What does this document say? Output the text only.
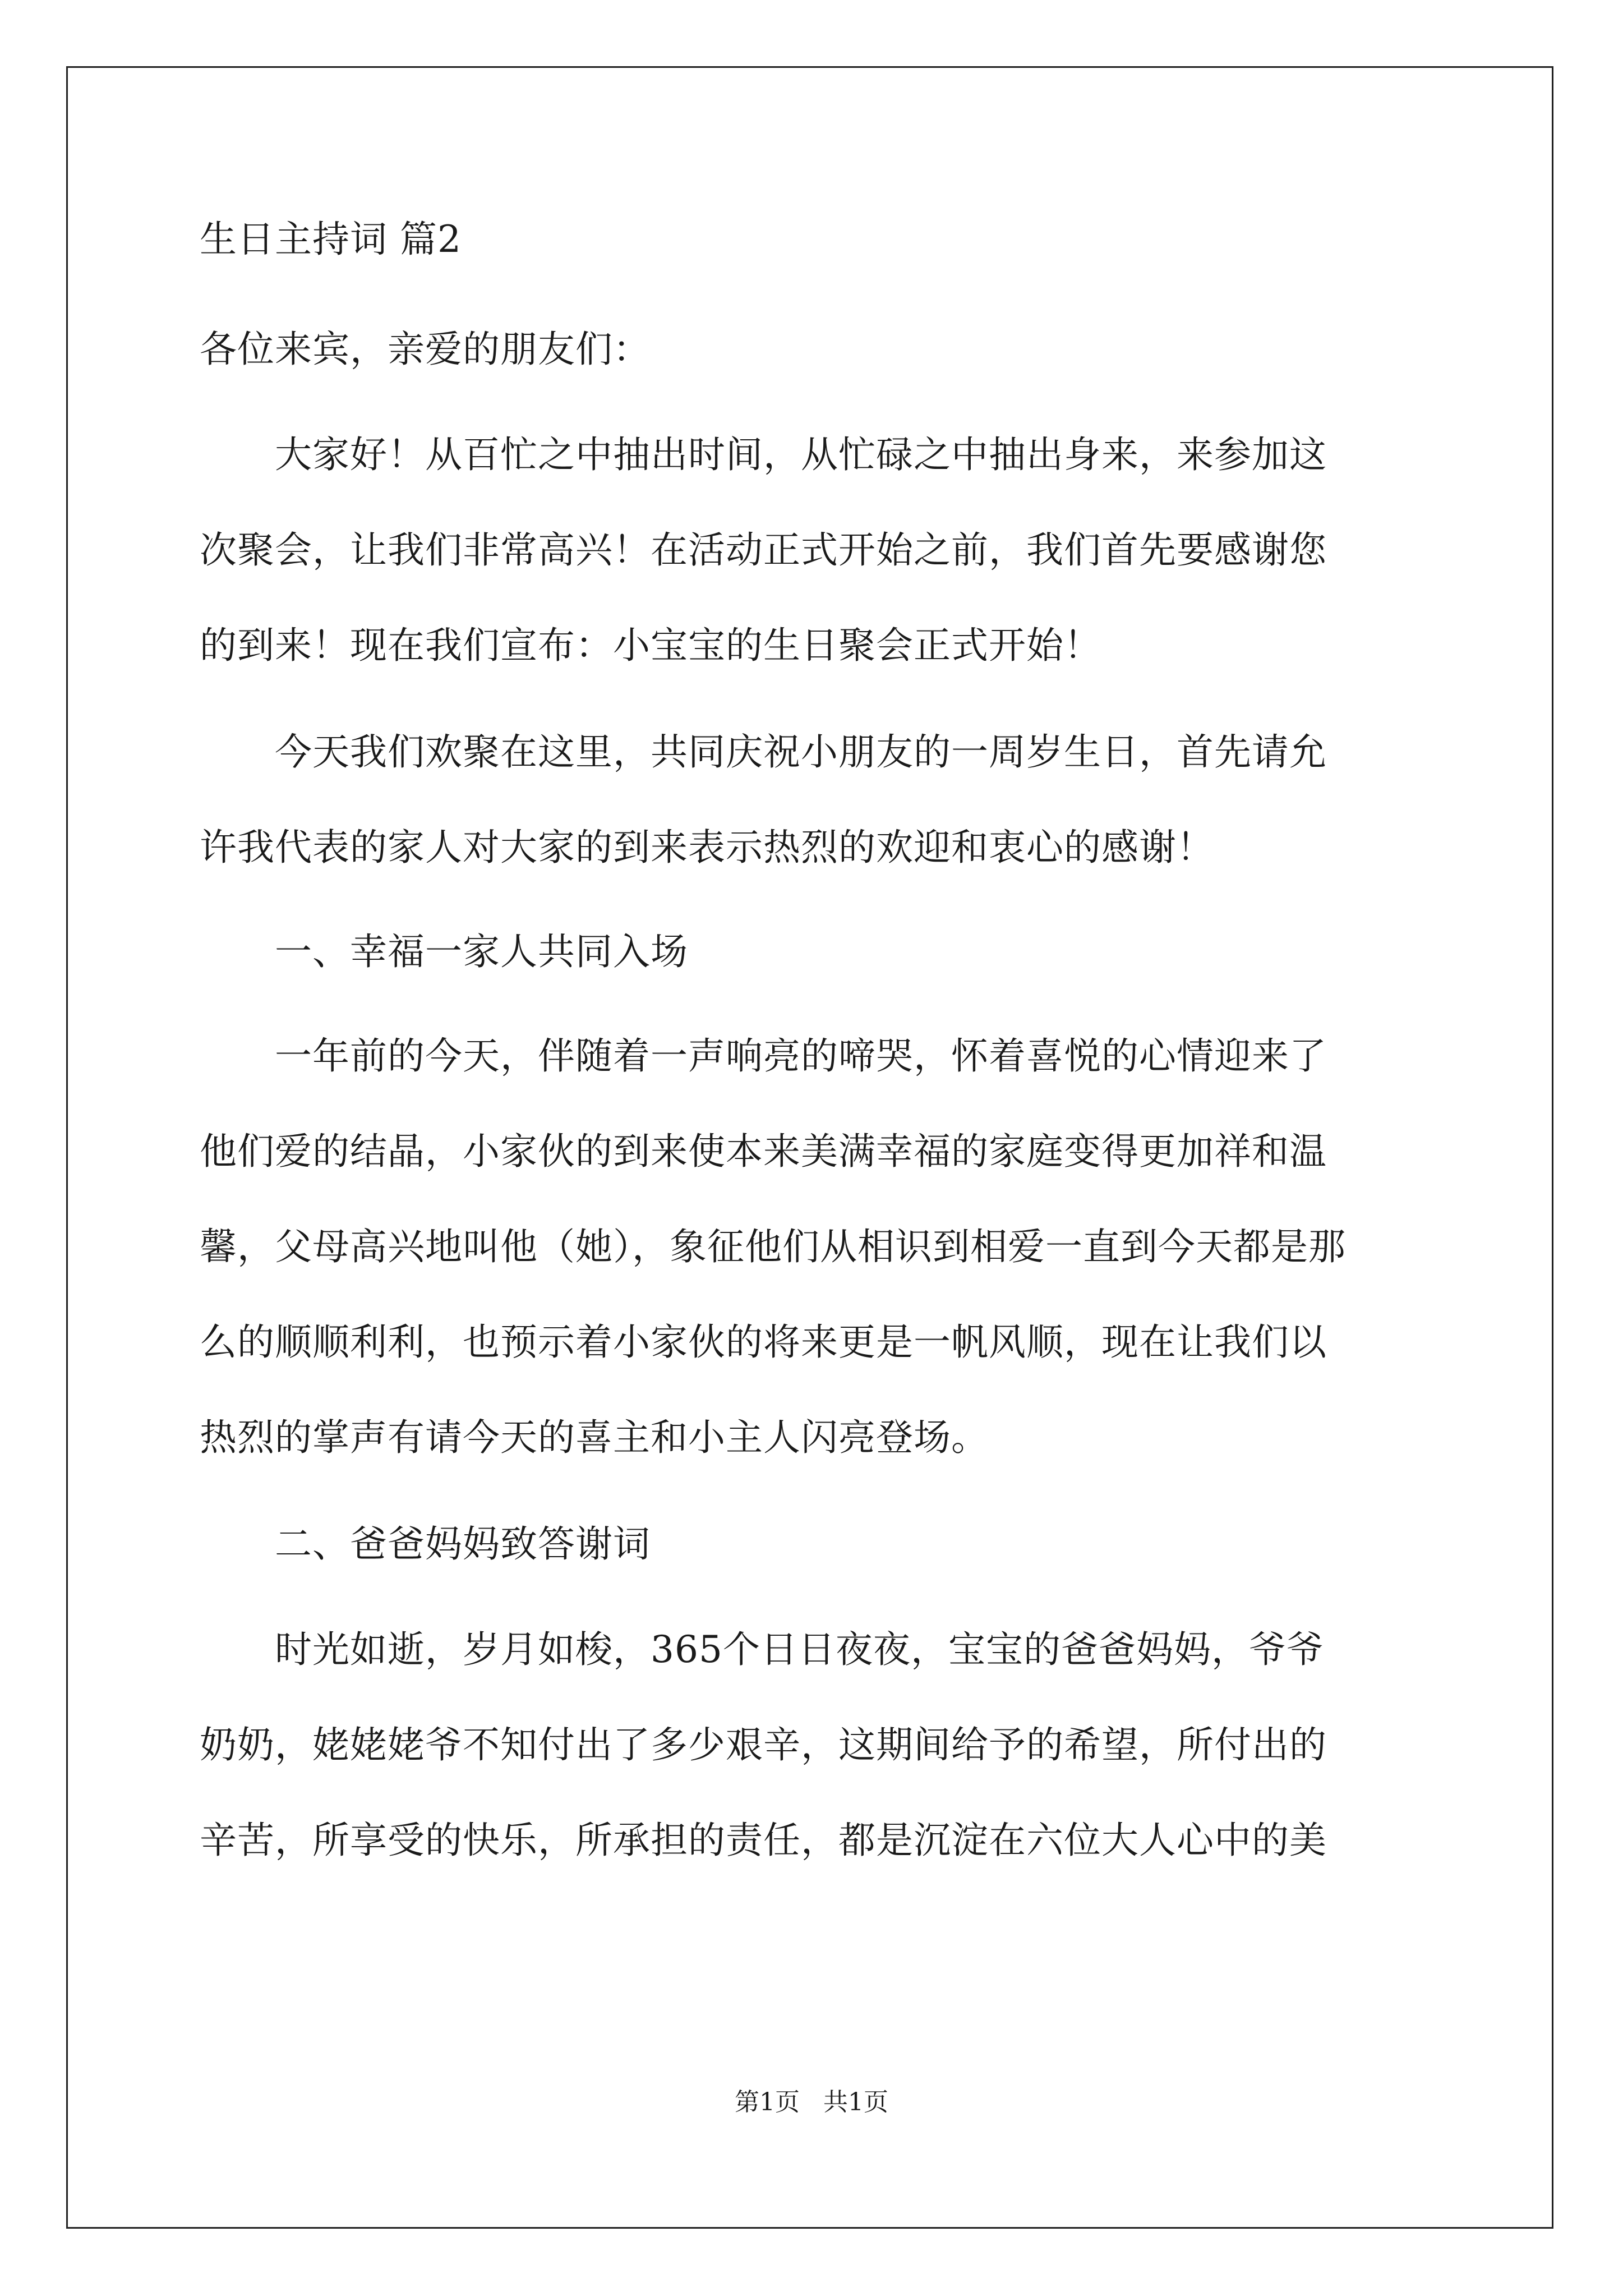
生日主持词 篇2
各位来宾，亲爱的朋友们：
　　大家好！从百忙之中抽出时间，从忙碌之中抽出身来，来参加这
次聚会，让我们非常高兴！在活动正式开始之前，我们首先要感谢您
的到来！现在我们宣布：小宝宝的生日聚会正式开始！
　　今天我们欢聚在这里，共同庆祝小朋友的一周岁生日，首先请允
许我代表的家人对大家的到来表示热烈的欢迎和衷心的感谢！
　　一、幸福一家人共同入场
　　一年前的今天，伴随着一声响亮的啼哭，怀着喜悦的心情迎来了
他们爱的结晶，小家伙的到来使本来美满幸福的家庭变得更加祥和温
馨，父母高兴地叫他（她），象征他们从相识到相爱一直到今天都是那
么的顺顺利利，也预示着小家伙的将来更是一帆风顺，现在让我们以
热烈的掌声有请今天的喜主和小主人闪亮登场。
　　二、爸爸妈妈致答谢词
　　时光如逝，岁月如梭，365个日日夜夜，宝宝的爸爸妈妈，爷爷
奶奶，姥姥姥爷不知付出了多少艰辛，这期间给予的希望，所付出的
辛苦，所享受的快乐，所承担的责任，都是沉淀在六位大人心中的美
第1页 共1页
